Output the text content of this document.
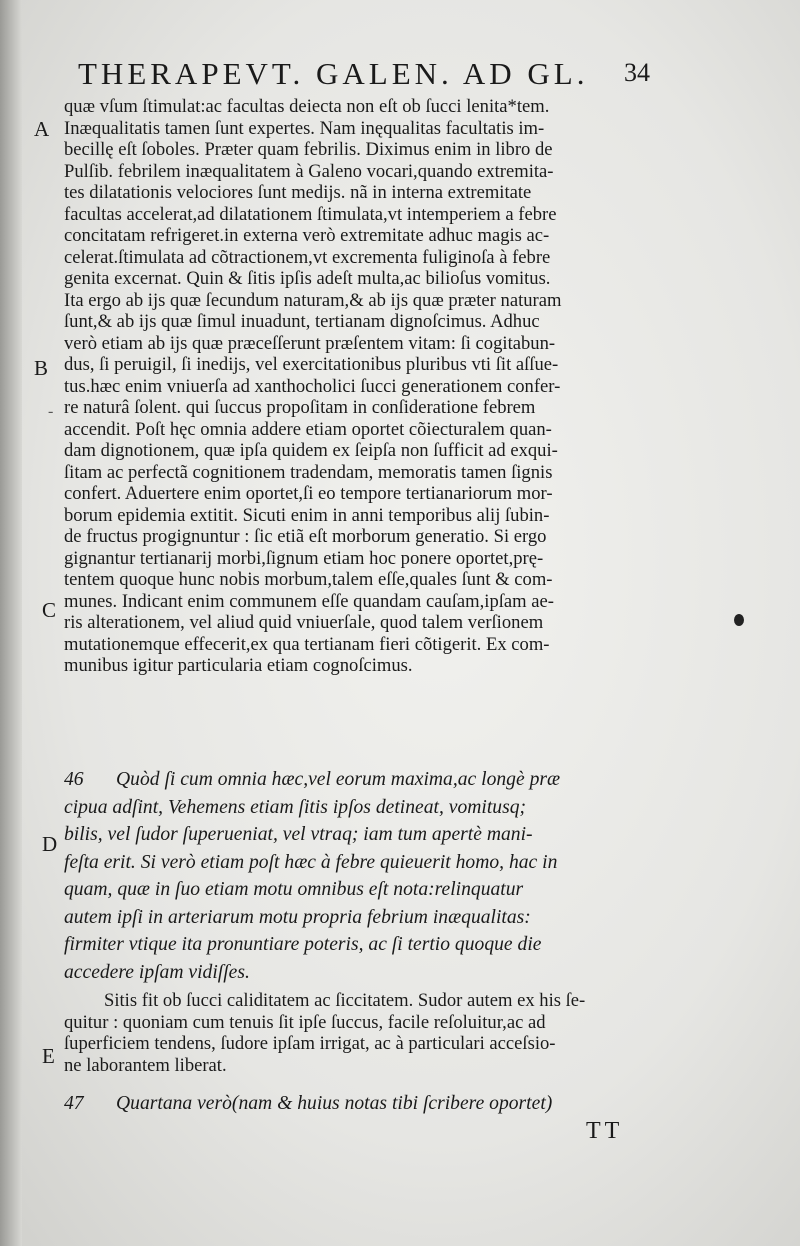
THERAPEVT. GALEN. AD GL.	34
A
B
C
D
E
-
quæ vſum ſtimulat:ac facultas deiecta non eſt ob ſucci lenita*tem.
Inæqualitatis tamen ſunt expertes. Nam inęqualitas facultatis im-
becillę eſt ſoboles. Præter quam febrilis. Diximus enim in libro de
Pulſib. febrilem inæqualitatem à Galeno vocari,quando extremita-
tes dilatationis velociores ſunt medijs. nã in interna extremitate
facultas accelerat,ad dilatationem ſtimulata,vt intemperiem a febre
concitatam refrigeret.in externa verò extremitate adhuc magis ac-
celerat.ſtimulata ad cõtractionem,vt excrementa fuliginoſa à febre
genita excernat. Quin & ſitis ipſis adeſt multa,ac bilioſus vomitus.
Ita ergo ab ijs quæ ſecundum naturam,& ab ijs quæ præter naturam
ſunt,& ab ijs quæ ſimul inuadunt, tertianam dignoſcimus. Adhuc
verò etiam ab ijs quæ præceſſerunt præſentem vitam: ſi cogitabun-
dus, ſi peruigil, ſi inedijs, vel exercitationibus pluribus vti ſit aſſue-
tus.hæc enim vniuerſa ad xanthocholici ſucci generationem confer-
re naturâ ſolent. qui ſuccus propoſitam in conſideratione febrem
accendit. Poſt hęc omnia addere etiam oportet cõiecturalem quan-
dam dignotionem, quæ ipſa quidem ex ſeipſa non ſufficit ad exqui-
ſitam ac perfectã cognitionem tradendam, memoratis tamen ſignis
confert. Aduertere enim oportet,ſi eo tempore tertianariorum mor-
borum epidemia extitit. Sicuti enim in anni temporibus alij ſubin-
de fructus progignuntur : ſic etiã eſt morborum generatio. Si ergo
gignantur tertianarij morbi,ſignum etiam hoc ponere oportet,prę-
tentem quoque hunc nobis morbum,talem eſſe,quales ſunt & com-
munes. Indicant enim communem eſſe quandam cauſam,ipſam ae-
ris alterationem, vel aliud quid vniuerſale, quod talem verſionem
mutationemque effecerit,ex qua tertianam fieri cõtigerit. Ex com-
munibus igitur particularia etiam cognoſcimus.
46 Quòd ſi cum omnia hæc,vel eorum maxima,ac longè præ
cipua adſint, Vehemens etiam ſitis ipſos detineat, vomitusq;
bilis, vel ſudor ſuperueniat, vel vtraq; iam tum apertè mani-
feſta erit. Si verò etiam poſt hæc à febre quieuerit homo, hac in
quam, quæ in ſuo etiam motu omnibus eſt nota:relinquatur
autem ipſi in arteriarum motu propria febrium inæqualitas:
firmiter vtique ita pronuntiare poteris, ac ſi tertio quoque die
accedere ipſam vidiſſes.
Sitis fit ob ſucci caliditatem ac ſiccitatem. Sudor autem ex his ſe-
quitur : quoniam cum tenuis ſit ipſe ſuccus, facile reſoluitur,ac ad
ſuperficiem tendens, ſudore ipſam irrigat, ac à particulari acceſsio-
ne laborantem liberat.
47 Quartana verò(nam & huius notas tibi ſcribere oportet)
TT
